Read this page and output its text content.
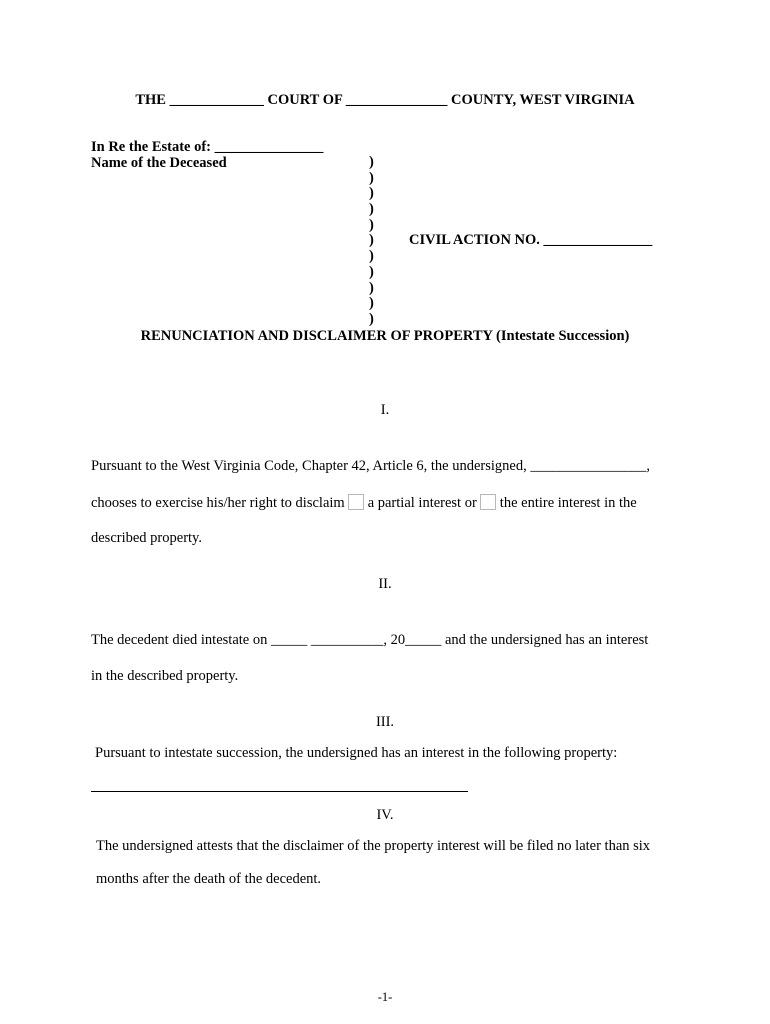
THE _____________ COURT OF ______________ COUNTY, WEST VIRGINIA
In Re the Estate of: _______________
Name of the Deceased	)
)
)
)
)
)
)
)
)
)
)
CIVIL ACTION NO. _______________
RENUNCIATION AND DISCLAIMER OF PROPERTY (Intestate Succession)
I.
Pursuant to the West Virginia Code, Chapter 42, Article 6, the undersigned, ________________,
chooses to exercise his/her right to disclaim a partial interest or the entire interest in the
described property.
II.
The decedent died intestate on _____ __________, 20_____ and the undersigned has an interest
in the described property.
III.
Pursuant to intestate succession, the undersigned has an interest in the following property:
IV.
The undersigned attests that the disclaimer of the property interest will be filed no later than six
months after the death of the decedent.
-1-
